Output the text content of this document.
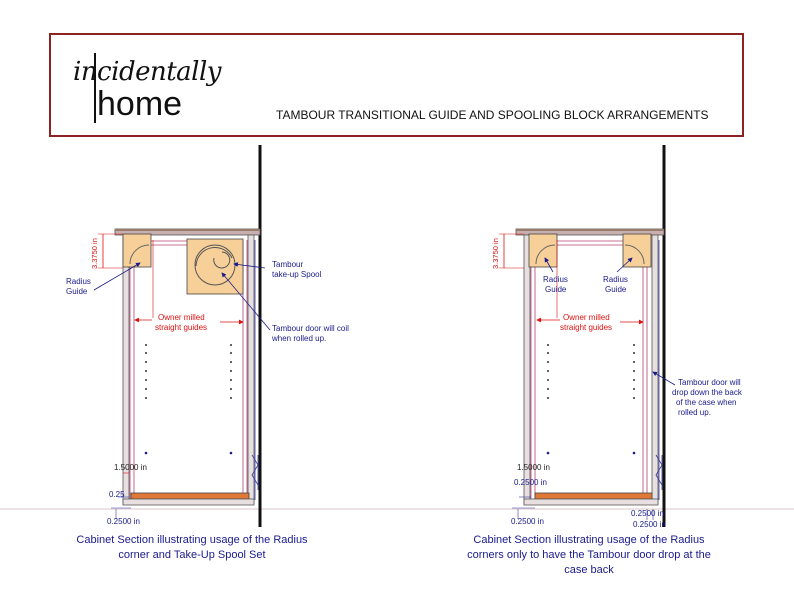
incidentally
home	TAMBOUR TRANSITIONAL GUIDE AND SPOOLING BLOCK ARRANGEMENTS
3.3750 in
Radius
Guide
Owner milled
straight guides
Tambour
take-up Spool
Tambour door will coil
when rolled up.
1.5000 in
0.25
0.2500 in
3.3750 in
Radius
Guide
Radius
Guide
Owner milled
straight guides
Tambour door will
drop down the back
of the case when
rolled up.
1.5000 in
0.2500 in
0.2500 in
0.2500 in
0.2500 in
Cabinet Section illustrating usage of the Radius corner and Take-Up Spool Set
Cabinet Section illustrating usage of the Radius corners only to have the Tambour door drop at the case back
